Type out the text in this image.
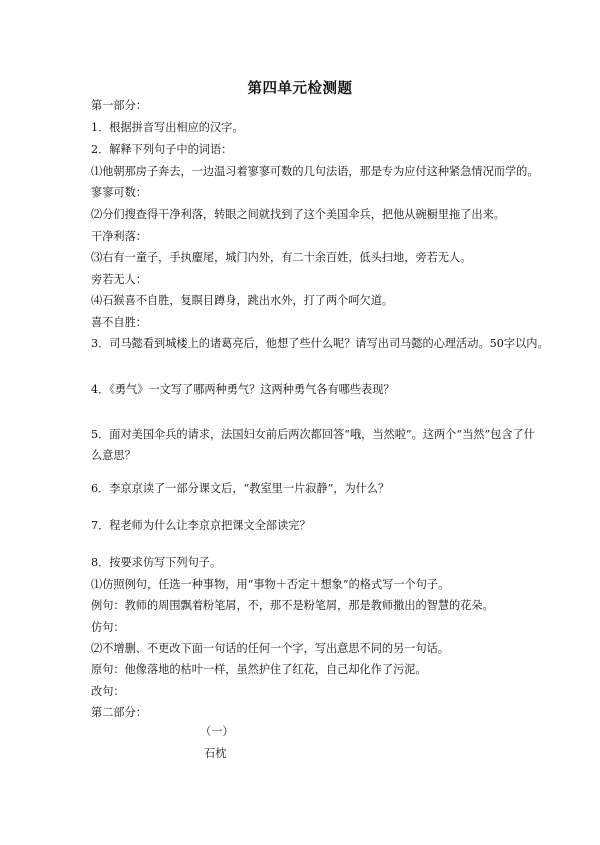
第四单元检测题
第一部分：
1．根据拼音写出相应的汉字。
2．解释下列句子中的词语：
⑴他朝那房子奔去，一边温习着寥寥可数的几句法语，那是专为应付这种紧急情况而学的。
寥寥可数：
⑵分们搜查得干净利落，转眼之间就找到了这个美国伞兵，把他从碗橱里拖了出来。
干净利落：
⑶右有一童子，手执麈尾，城门内外，有二十余百姓，低头扫地，旁若无人。
旁若无人：
⑷石猴喜不自胜，复瞑目蹲身，跳出水外，打了两个呵欠道。
喜不自胜：
3．司马懿看到城楼上的诸葛亮后，他想了些什么呢？请写出司马懿的心理活动。50字以内。
4．《勇气》一文写了哪两种勇气？这两种勇气各有哪些表现？
5．面对美国伞兵的请求，法国妇女前后两次都回答“哦，当然啦”。这两个“当然”包含了什
么意思？
6．李京京读了一部分课文后，“教室里一片寂静”，为什么？
7．程老师为什么让李京京把课文全部读完？
8．按要求仿写下列句子。
⑴仿照例句，任选一种事物，用“事物＋否定＋想象”的格式写一个句子。
例句：教师的周围飘着粉笔屑，不，那不是粉笔屑，那是教师撒出的智慧的花朵。
仿句：
⑵不增删、不更改下面一句话的任何一个字，写出意思不同的另一句话。
原句：他像落地的枯叶一样，虽然护住了红花，自己却化作了污泥。
改句：
第二部分：
（一）
石枕
